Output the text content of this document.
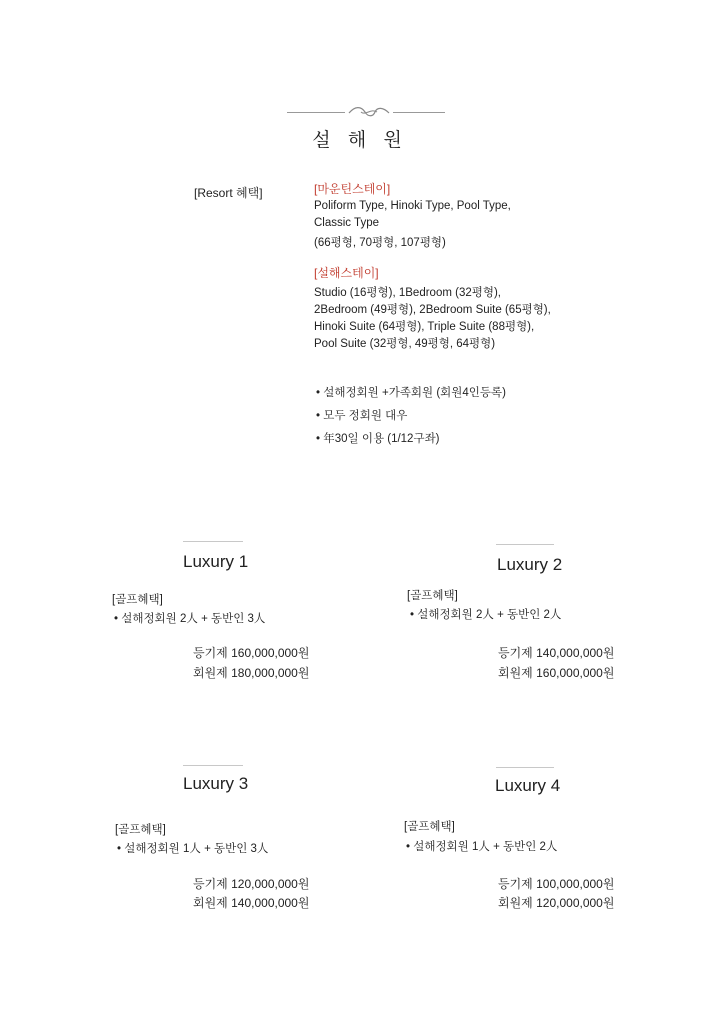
설 해 원
[Resort 혜택]	[마운틴스테이]
Poliform Type, Hinoki Type, Pool Type,
Classic Type
(66평형, 70평형, 107평형)
[설해스테이]
Studio (16평형), 1Bedroom (32평형),
2Bedroom (49평형), 2Bedroom Suite (65평형),
Hinoki Suite (64평형), Triple Suite (88평형),
Pool Suite (32평형, 49평형, 64평형)
• 설해정회원 +가족회원 (회원4인등록)
• 모두 정회원 대우
• 年30일 이용 (1/12구좌)
Luxury 1
[골프혜택]
• 설해정회원 2人 + 동반인 3人
등기제 160,000,000원
회원제 180,000,000원
Luxury 2
[골프혜택]
• 설해정회원 2人 + 동반인 2人
등기제 140,000,000원
회원제 160,000,000원
Luxury 3
[골프혜택]
• 설해정회원 1人 + 동반인 3人
등기제 120,000,000원
회원제 140,000,000원
Luxury 4
[골프혜택]
• 설해정회원 1人 + 동반인 2人
등기제 100,000,000원
회원제 120,000,000원
